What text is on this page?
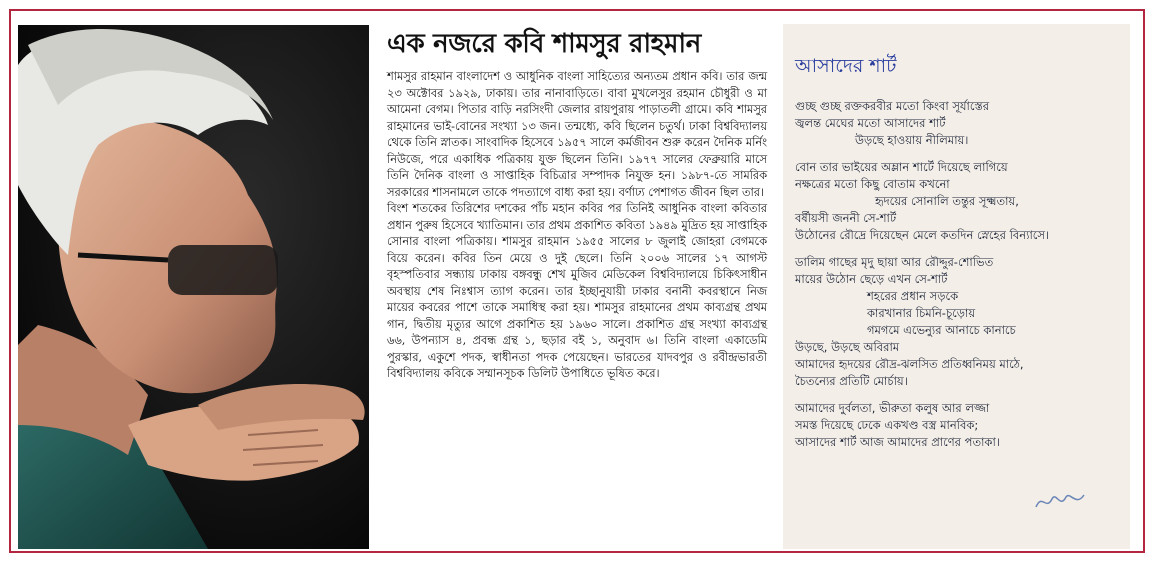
এক নজরে কবি শামসুর রাহমান

শামসুর রাহমান বাংলাদেশ ও আধুনিক বাংলা সাহিত্যের অন্যতম প্রধান কবি। তার জন্ম ২৩ অক্টোবর ১৯২৯, ঢাকায়। তার নানাবাড়িতে। বাবা মুখলেসুর রহমান চৌধুরী ও মা আমেনা বেগম। পিতার বাড়ি নরসিংদী জেলার রায়পুরায় পাড়াতলী গ্রামে। কবি শামসুর রাহমানের ভাই-বোনের সংখ্যা ১৩ জন। তন্মধ্যে, কবি ছিলেন চতুর্থ। ঢাকা বিশ্ববিদ্যালয় থেকে তিনি স্নাতক। সাংবাদিক হিসেবে ১৯৫৭ সালে কর্মজীবন শুরু করেন দৈনিক মর্নিং নিউজে, পরে একাধিক পত্রিকায় যুক্ত ছিলেন তিনি। ১৯৭৭ সালের ফেব্রুয়ারি মাসে তিনি দৈনিক বাংলা ও সাপ্তাহিক বিচিত্রার সম্পাদক নিযুক্ত হন। ১৯৮৭-তে সামরিক সরকারের শাসনামলে তাকে পদত্যাগে বাধ্য করা হয়। বর্ণাঢ্য পেশাগত জীবন ছিল তার।

বিংশ শতকের তিরিশের দশকের পাঁচ মহান কবির পর তিনিই আধুনিক বাংলা কবিতার প্রধান পুরুষ হিসেবে খ্যাতিমান। তার প্রথম প্রকাশিত কবিতা ১৯৪৯ মুদ্রিত হয় সাপ্তাহিক সোনার বাংলা পত্রিকায়। শামসুর রাহমান ১৯৫৫ সালের ৮ জুলাই জোহরা বেগমকে বিয়ে করেন। কবির তিন মেয়ে ও দুই ছেলে। তিনি ২০০৬ সালের ১৭ আগস্ট বৃহস্পতিবার সন্ধ্যায় ঢাকায় বঙ্গবন্ধু শেখ মুজিব মেডিকেল বিশ্ববিদ্যালয়ে চিকিৎসাধীন অবস্থায় শেষ নিঃশ্বাস ত্যাগ করেন। তার ইচ্ছানুযায়ী ঢাকার বনানী কবরস্থানে নিজ মায়ের কবরের পাশে তাকে সমাধিস্থ করা হয়। শামসুর রাহমানের প্রথম কাব্যগ্রন্থ প্রথম গান, দ্বিতীয় মৃত্যুর আগে প্রকাশিত হয় ১৯৬০ সালে। প্রকাশিত গ্রন্থ সংখ্যা কাব্যগ্রন্থ ৬৬, উপন্যাস ৪, প্রবন্ধ গ্রন্থ ১, ছড়ার বই ১, অনুবাদ ৬। তিনি বাংলা একাডেমি পুরস্কার, একুশে পদক, স্বাধীনতা পদক পেয়েছেন। ভারতের যাদবপুর ও রবীন্দ্রভারতী বিশ্ববিদ্যালয় কবিকে সম্মানসূচক ডিলিট উপাধিতে ভূষিত করে।

আসাদের শার্ট
গুচ্ছ গুচ্ছ রক্তকরবীর মতো কিংবা সূর্যাস্তের
জ্বলন্ত মেঘের মতো আসাদের শার্ট
উড়ছে হাওয়ায় নীলিমায়।
বোন তার ভাইয়ের অম্লান শার্টে দিয়েছে লাগিয়ে
নক্ষত্রের মতো কিছু বোতাম কখনো
হৃদয়ের সোনালি তন্তুর সূক্ষ্মতায়,
বর্ষীয়সী জননী সে-শার্ট
উঠোনের রৌদ্রে দিয়েছেন মেলে কতদিন স্নেহের বিন্যাসে।
ডালিম গাছের মৃদু ছায়া আর রৌদ্দুর-শোভিত
মায়ের উঠোন ছেড়ে এখন সে-শার্ট
শহরের প্রধান সড়কে
কারখানার চিমনি-চূড়োয়
গমগমে এভেন্যুর আনাচে কানাচে
উড়ছে, উড়ছে অবিরাম
আমাদের হৃদয়ের রৌদ্র-ঝলসিত প্রতিধ্বনিময় মাঠে,
চৈতন্যের প্রতিটি মোর্চায়।
আমাদের দুর্বলতা, ভীরুতা কলুষ আর লজ্জা
সমস্ত দিয়েছে ঢেকে একখণ্ড বস্ত্র মানবিক;
আসাদের শার্ট আজ আমাদের প্রাণের পতাকা।
